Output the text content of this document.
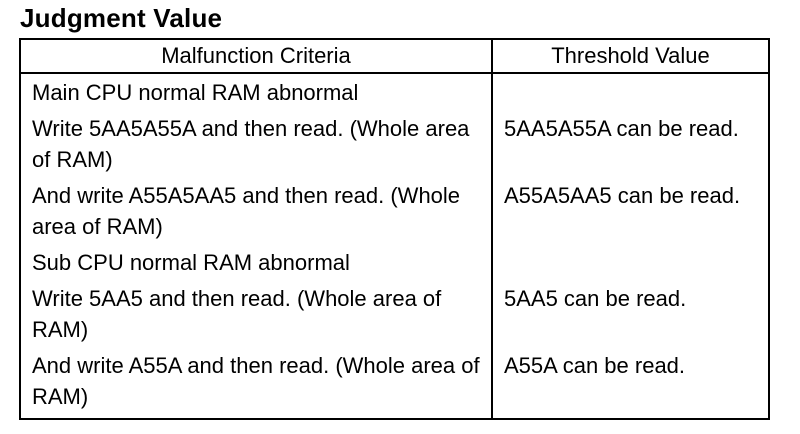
Judgment Value
Malfunction Criteria	Threshold Value
Main CPU normal RAM abnormal	
Write 5AA5A55A and then read. (Whole area of RAM)	5AA5A55A can be read.
And write A55A5AA5 and then read. (Whole area of RAM)	A55A5AA5 can be read.
Sub CPU normal RAM abnormal	
Write 5AA5 and then read. (Whole area of RAM)	5AA5 can be read.
And write A55A and then read. (Whole area of RAM)	A55A can be read.
